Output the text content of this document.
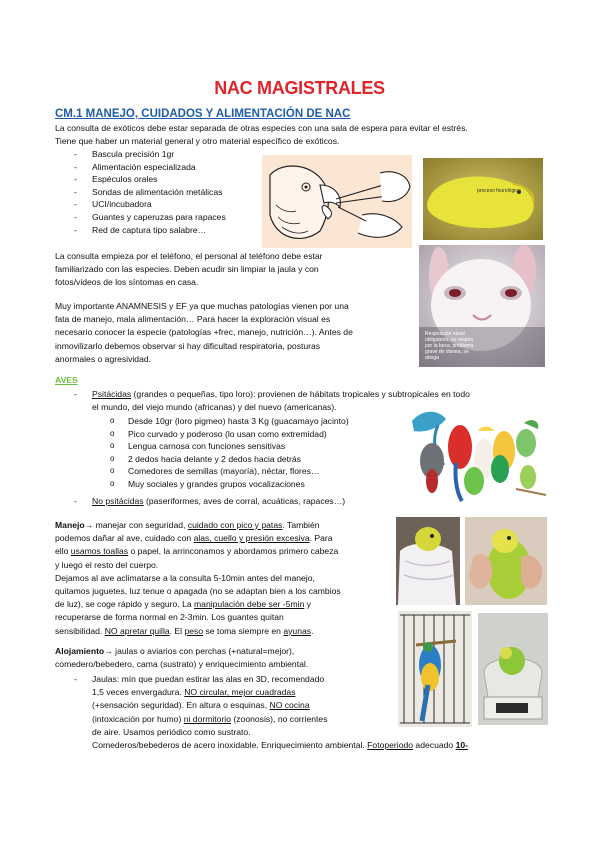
NAC MAGISTRALES
CM.1 MANEJO, CUIDADOS Y ALIMENTACIÓN DE NAC
La consulta de exóticos debe estar separada de otras especies con una sala de espera para evitar el estrés.
Tiene que haber un material general y otro material específico de exóticos.
- Bascula precisión 1gr
- Alimentación especializada
- Espéculos orales
- Sondas de alimentación metálicas
- UCI/incubadora
- Guantes y caperuzas para rapaces
- Red de captura tipo salabre…
proceso feurológico
La consulta empieza por el teléfono, el personal al teléfono debe estar
familiarizado con las especies. Deben acudir sin limpiar la jaula y con
fotos/videos de los síntomas en casa.
Respiración nasal
obligatoria, no respira
por la boca, problema
grave de disnea, se
ahoga
Muy importante ANAMNESIS y EF ya que muchas patologías vienen por una
fata de manejo, mala alimentación… Para hacer la exploración visual es
necesario conocer la especie (patologías +frec, manejo, nutrición…). Antes de
inmovilizarlo debemos observar si hay dificultad respiratoria, posturas
anormales o agresividad.
AVES
- Psitácidas (grandes o pequeñas, tipo loro): provienen de hábitats tropicales y subtropicales en todo
el mundo, del viejo mundo (africanas) y del nuevo (americanas).
o Desde 10gr (loro pigmeo) hasta 3 Kg (guacamayo jacinto)
o Pico curvado y poderoso (lo usan como extremidad)
o Lengua carnosa con funciones sensitivas
o 2 dedos hacia delante y 2 dedos hacia detrás
o Comedores de semillas (mayoría), néctar, flores…
o Muy sociales y grandes grupos vocalizaciones
- No psitácidas (paseriformes, aves de corral, acuáticas, rapaces…)
Manejo→ manejar con seguridad, cuidado con pico y patas. También
podemos dañar al ave, cuidado con alas, cuello y presión excesiva. Para
ello usamos toallas o papel, la arrinconamos y abordamos primero cabeza
y luego el resto del cuerpo.
Dejamos al ave aclimatarse a la consulta 5-10min antes del manejo,
quitamos juguetes, luz tenue o apagada (no se adaptan bien a los cambios
de luz), se coge rápido y seguro. La manipulación debe ser -5min y
recuperarse de forma normal en 2-3min. Los guantes quitan
sensibilidad. NO apretar quilla. El peso se toma siempre en ayunas.
Alojamiento→ jaulas o aviarios con perchas (+natural=mejor),
comedero/bebedero, cama (sustrato) y enriquecimiento ambiental.
- Jaulas: mín que puedan estirar las alas en 3D, recomendado
1,5 veces envergadura. NO circular, mejor cuadradas
(+sensación seguridad). En altura o esquinas, NO cocina
(intoxicación por humo) ni dormitorio (zoonosis), no corrientes
de aire. Usamos periódico como sustrato.
Comederos/bebederos de acero inoxidable. Enriquecimiento ambiental. Fotoperiodo adecuado 10-
